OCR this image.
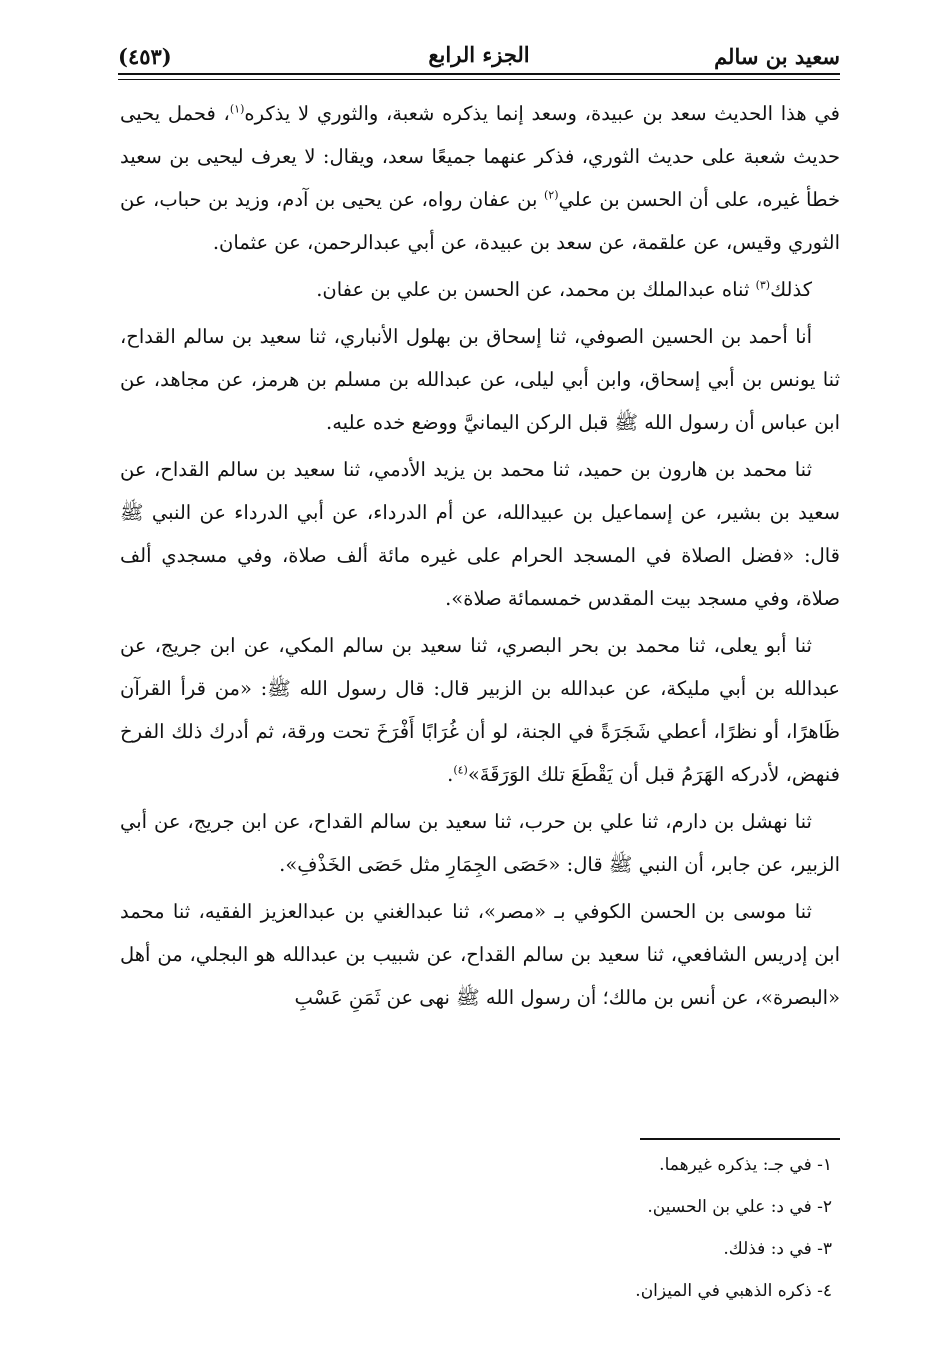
سعيد بن سالم
الجزء الرابع
(٤٥٣)

في هذا الحديث سعد بن عبيدة، وسعد إنما يذكره شعبة، والثوري لا يذكره$^{(١)}$، فحمل يحيى حديث شعبة على حديث الثوري، فذكر عنهما جميعًا سعد، ويقال: لا يعرف ليحيى بن سعيد خطأ غيره، على أن الحسن بن علي$^{(٢)}$ بن عفان رواه، عن يحيى بن آدم، وزيد بن حباب، عن الثوري وقيس، عن علقمة، عن سعد بن عبيدة، عن أبي عبدالرحمن، عن عثمان.

كذلك$^{(٣)}$ ثناه عبدالملك بن محمد، عن الحسن بن علي بن عفان.

أنا أحمد بن الحسين الصوفي، ثنا إسحاق بن بهلول الأنباري، ثنا سعيد بن سالم القداح، ثنا يونس بن أبي إسحاق، وابن أبي ليلى، عن عبدالله بن مسلم بن هرمز، عن مجاهد، عن ابن عباس أن رسول الله ﷺ قبل الركن اليمانيَّ ووضع خده عليه.

ثنا محمد بن هارون بن حميد، ثنا محمد بن يزيد الأدمي، ثنا سعيد بن سالم القداح، عن سعيد بن بشير، عن إسماعيل بن عبيدالله، عن أم الدرداء، عن أبي الدرداء عن النبي ﷺ قال: «فضل الصلاة في المسجد الحرام على غيره مائة ألف صلاة، وفي مسجدي ألف صلاة، وفي مسجد بيت المقدس خمسمائة صلاة».

ثنا أبو يعلى، ثنا محمد بن بحر البصري، ثنا سعيد بن سالم المكي، عن ابن جريج، عن عبدالله بن أبي مليكة، عن عبدالله بن الزبير قال: قال رسول الله ﷺ: «من قرأ القرآن ظَاهرًا، أو نظرًا، أعطي شَجَرَةً في الجنة، لو أن غُرَابًا أَفْرَخَ تحت ورقة، ثم أدرك ذلك الفرخ فنهض، لأدركه الهَرَمُ قبل أن يَقْطَعَ تلك الوَرَقَةَ»$^{(٤)}$.

ثنا نهشل بن دارم، ثنا علي بن حرب، ثنا سعيد بن سالم القداح، عن ابن جريج، عن أبي الزبير، عن جابر، أن النبي ﷺ قال: «حَصَى الجِمَارِ مثل حَصَى الخَذْفِ».

ثنا موسى بن الحسن الكوفي بـ «مصر»، ثنا عبدالغني بن عبدالعزيز الفقيه، ثنا محمد ابن إدريس الشافعي، ثنا سعيد بن سالم القداح، عن شبيب بن عبدالله هو البجلي، من أهل «البصرة»، عن أنس بن مالك؛ أن رسول الله ﷺ نهى عن ثَمَنِ عَسْبِ

١- في جـ: يذكره غيرهما.

٢- في د: علي بن الحسين.

٣- في د: فذلك.

٤- ذكره الذهبي في الميزان.
